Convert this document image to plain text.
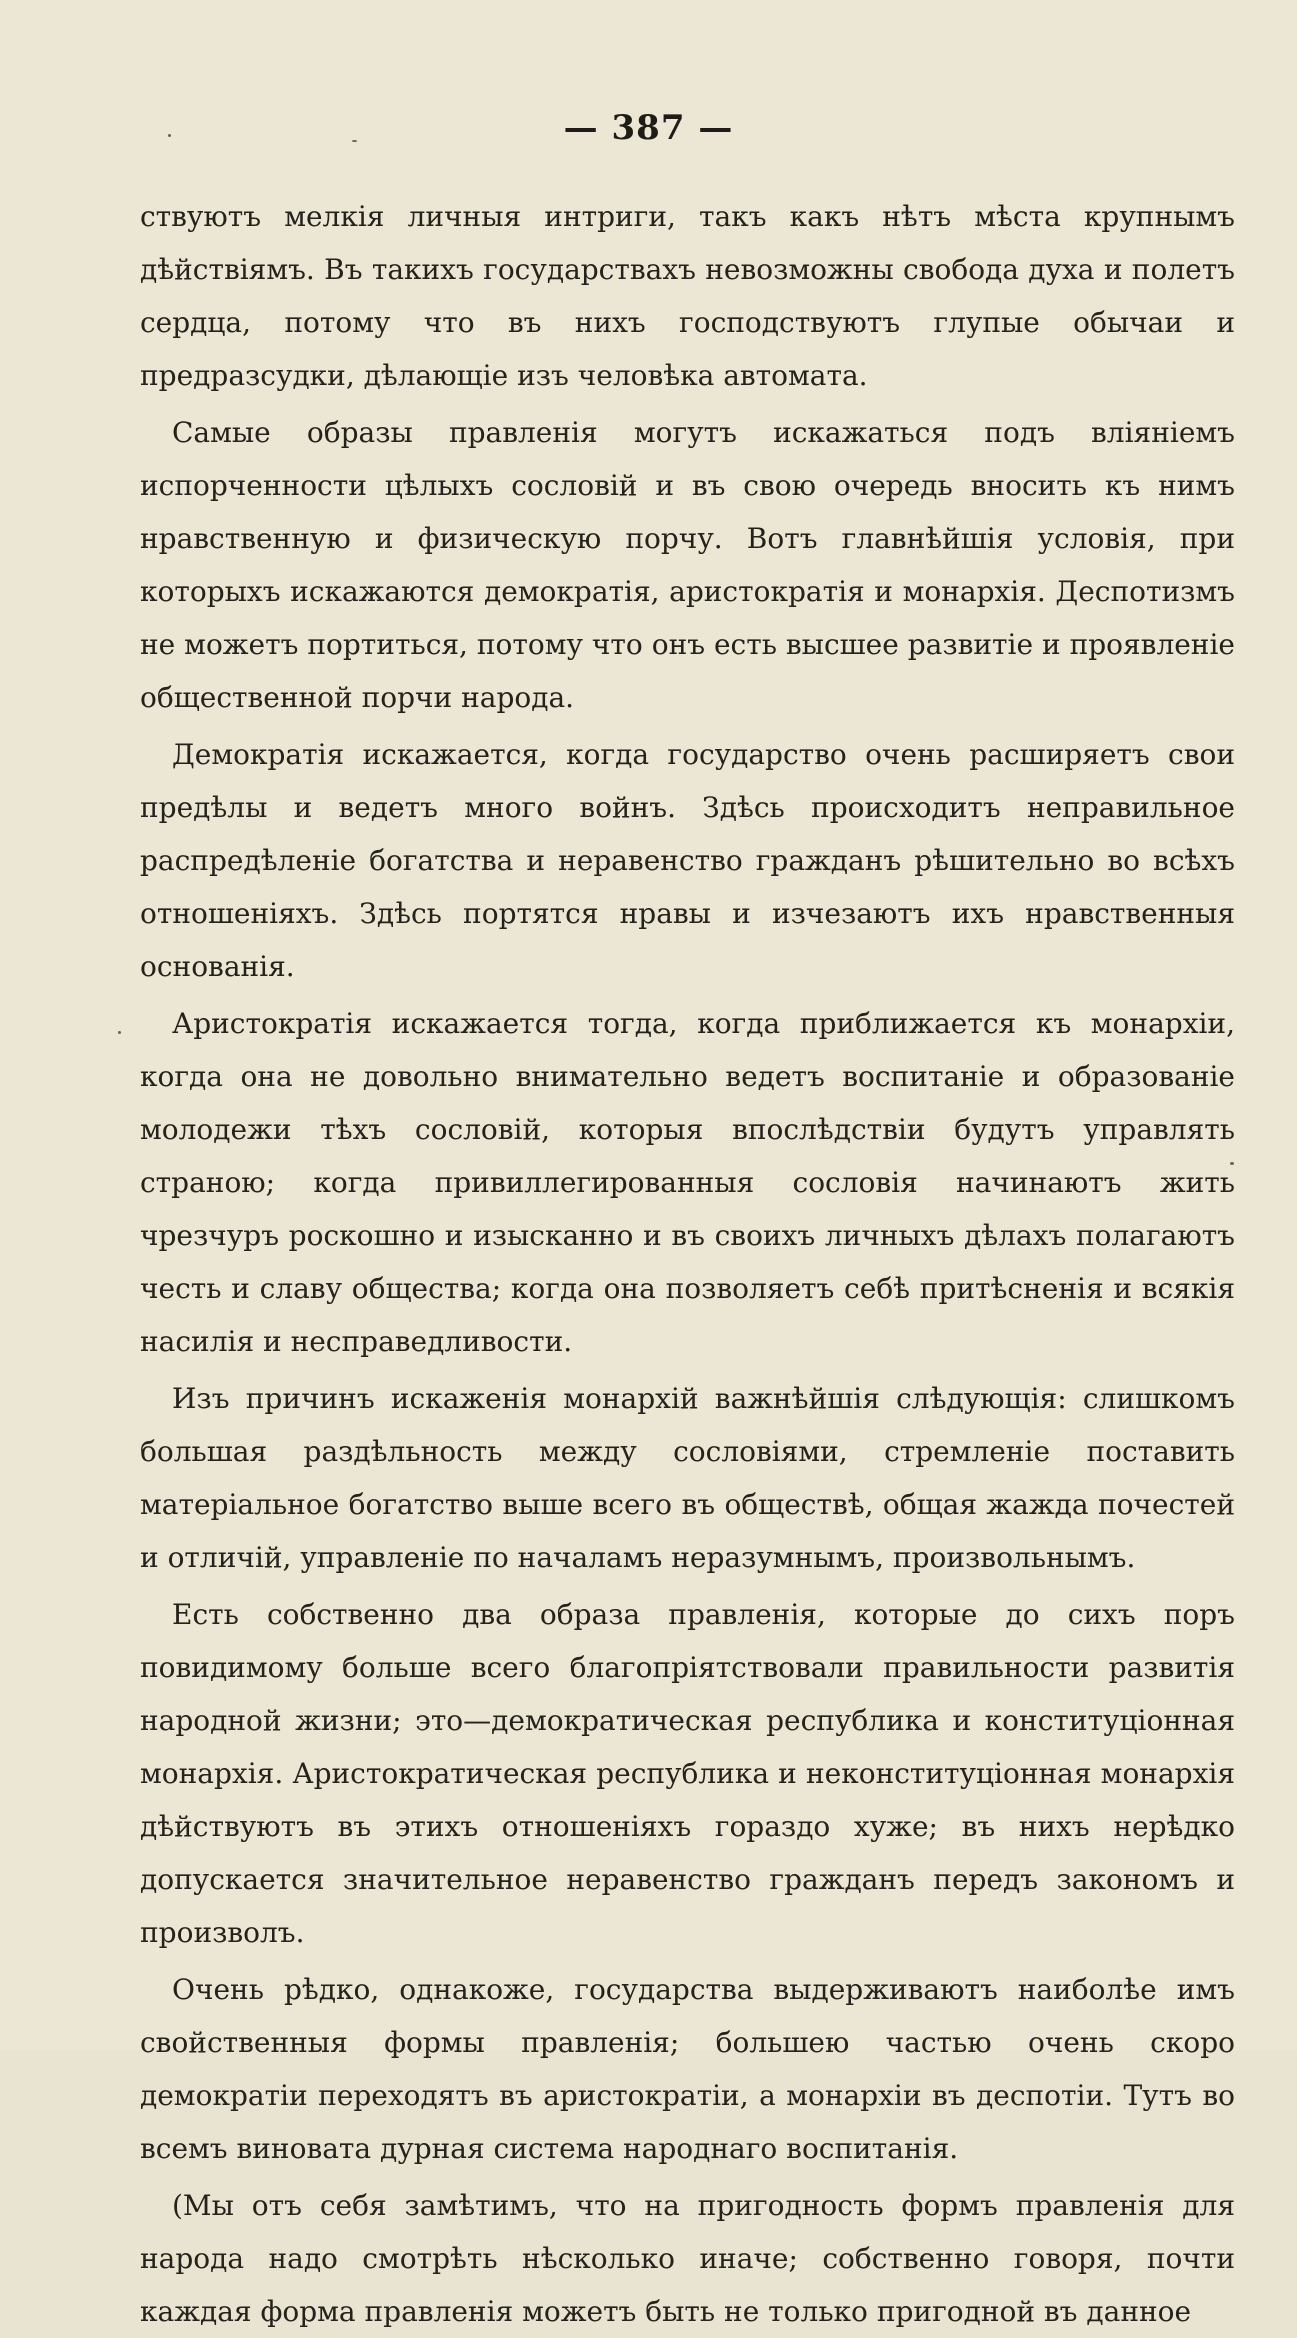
— 387 —

ствуютъ мелкія личныя интриги, такъ какъ нѣтъ мѣста крупнымъ дѣйствіямъ. Въ такихъ государствахъ невозможны свобода духа и полетъ сердца, потому что въ нихъ господствуютъ глупые обычаи и предразсудки, дѣлающіе изъ человѣка автомата.

Самые образы правленія могутъ искажаться подъ вліяніемъ испорченности цѣлыхъ сословій и въ свою очередь вносить къ нимъ нравственную и физическую порчу. Вотъ главнѣйшія условія, при которыхъ искажаются демократія, аристократія и монархія. Деспотизмъ не можетъ портиться, потому что онъ есть высшее развитіе и проявленіе общественной порчи народа.

Демократія искажается, когда государство очень расширяетъ свои предѣлы и ведетъ много войнъ. Здѣсь происходитъ неправильное распредѣленіе богатства и неравенство гражданъ рѣшительно во всѣхъ отношеніяхъ. Здѣсь портятся нравы и изчезаютъ ихъ нравственныя основанія.

Аристократія искажается тогда, когда приближается къ монархіи, когда она не довольно внимательно ведетъ воспитаніе и образованіе молодежи тѣхъ сословій, которыя впослѣдствіи будутъ управлять страною; когда привиллегированныя сословія начинаютъ жить чрезчуръ роскошно и изысканно и въ своихъ личныхъ дѣлахъ полагаютъ честь и славу общества; когда она позволяетъ себѣ притѣсненія и всякія насилія и несправедливости.

Изъ причинъ искаженія монархій важнѣйшія слѣдующія: слишкомъ большая раздѣльность между сословіями, стремленіе поставить матеріальное богатство выше всего въ обществѣ, общая жажда почестей и отличій, управленіе по началамъ неразумнымъ, произвольнымъ.

Есть собственно два образа правленія, которые до сихъ поръ повидимому больше всего благопріятствовали правильности развитія народной жизни; это—демократическая республика и конституціонная монархія. Аристократическая республика и неконституціонная монархія дѣйствуютъ въ этихъ отношеніяхъ гораздо хуже; въ нихъ нерѣдко допускается значительное неравенство гражданъ передъ закономъ и произволъ.

Очень рѣдко, однакоже, государства выдерживаютъ наиболѣе имъ свойственныя формы правленія; большею частью очень скоро демократіи переходятъ въ аристократіи, а монархіи въ деспотіи. Тутъ во всемъ виновата дурная система народнаго воспитанія.

(Мы отъ себя замѣтимъ, что на пригодность формъ правленія для народа надо смотрѣть нѣсколько иначе; собственно говоря, почти каждая форма правленія можетъ быть не только пригодной въ данное
